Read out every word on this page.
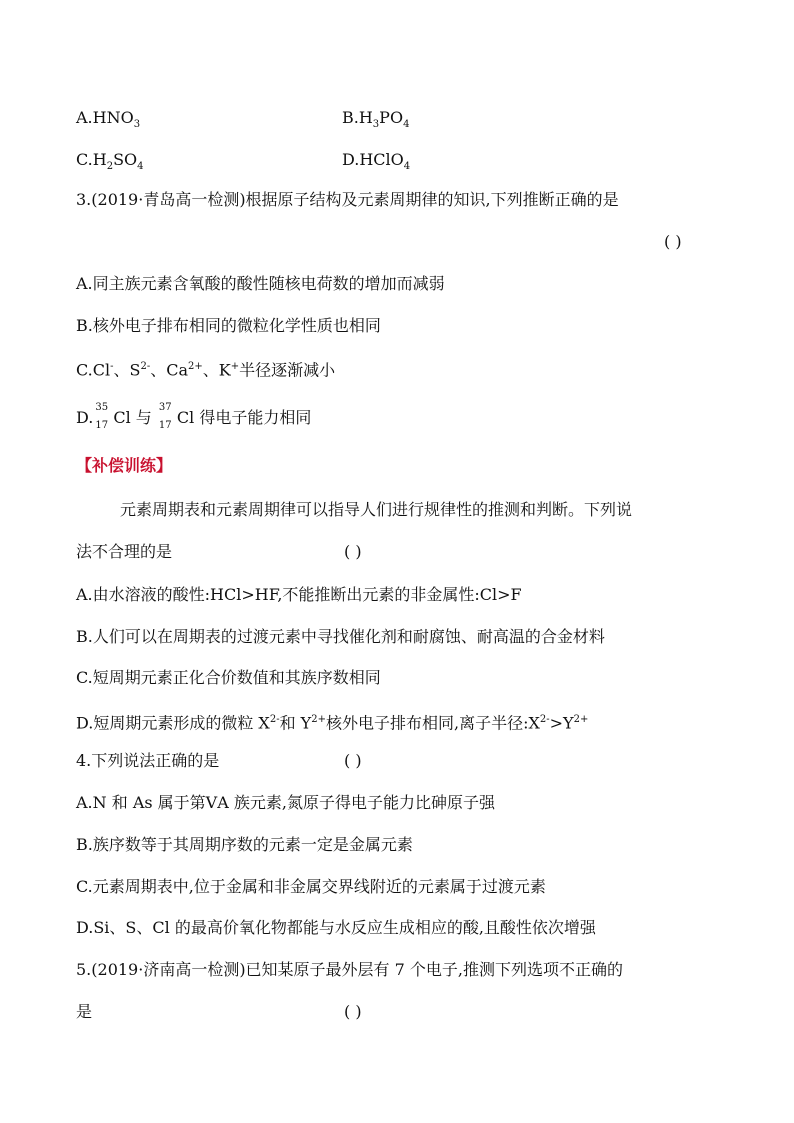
$A.HNO_3$	$B.H_3PO_4$
$C.H_2SO_4$	D.HClO$_4$
3.(2019·青岛高一检测)根据原子结构及元素周期律的知识,下列推断正确的是
( )
A.同主族元素含氧酸的酸性随核电荷数的增加而减弱
B.核外电子排布相同的微粒化学性质也相同
C.Cl-、$S^{2-}$、$Ca^{2+}$、K+半径逐渐减小
D.
35
17 Cl 与
37
17 Cl 得电子能力相同
【补偿训练】
元素周期表和元素周期律可以指导人们进行规律性的推测和判断。下列说
法不合理的是	( )
A.由水溶液的酸性:HCl>HF,不能推断出元素的非金属性:Cl>F
B.人们可以在周期表的过渡元素中寻找催化剂和耐腐蚀、耐高温的合金材料
C.短周期元素正化合价数值和其族序数相同
D.短周期元素形成的微粒 $X^{2-}$和 $Y^{2+}$核外电子排布相同,离子半径$:X^{2-}>Y^{2+}$
4.下列说法正确的是	( )
A.N 和 As 属于第ⅤA 族元素,氮原子得电子能力比砷原子强
B.族序数等于其周期序数的元素一定是金属元素
C.元素周期表中,位于金属和非金属交界线附近的元素属于过渡元素
D.Si、S、Cl 的最高价氧化物都能与水反应生成相应的酸,且酸性依次增强
5.(2019·济南高一检测)已知某原子最外层有 7 个电子,推测下列选项不正确的
是	( )
